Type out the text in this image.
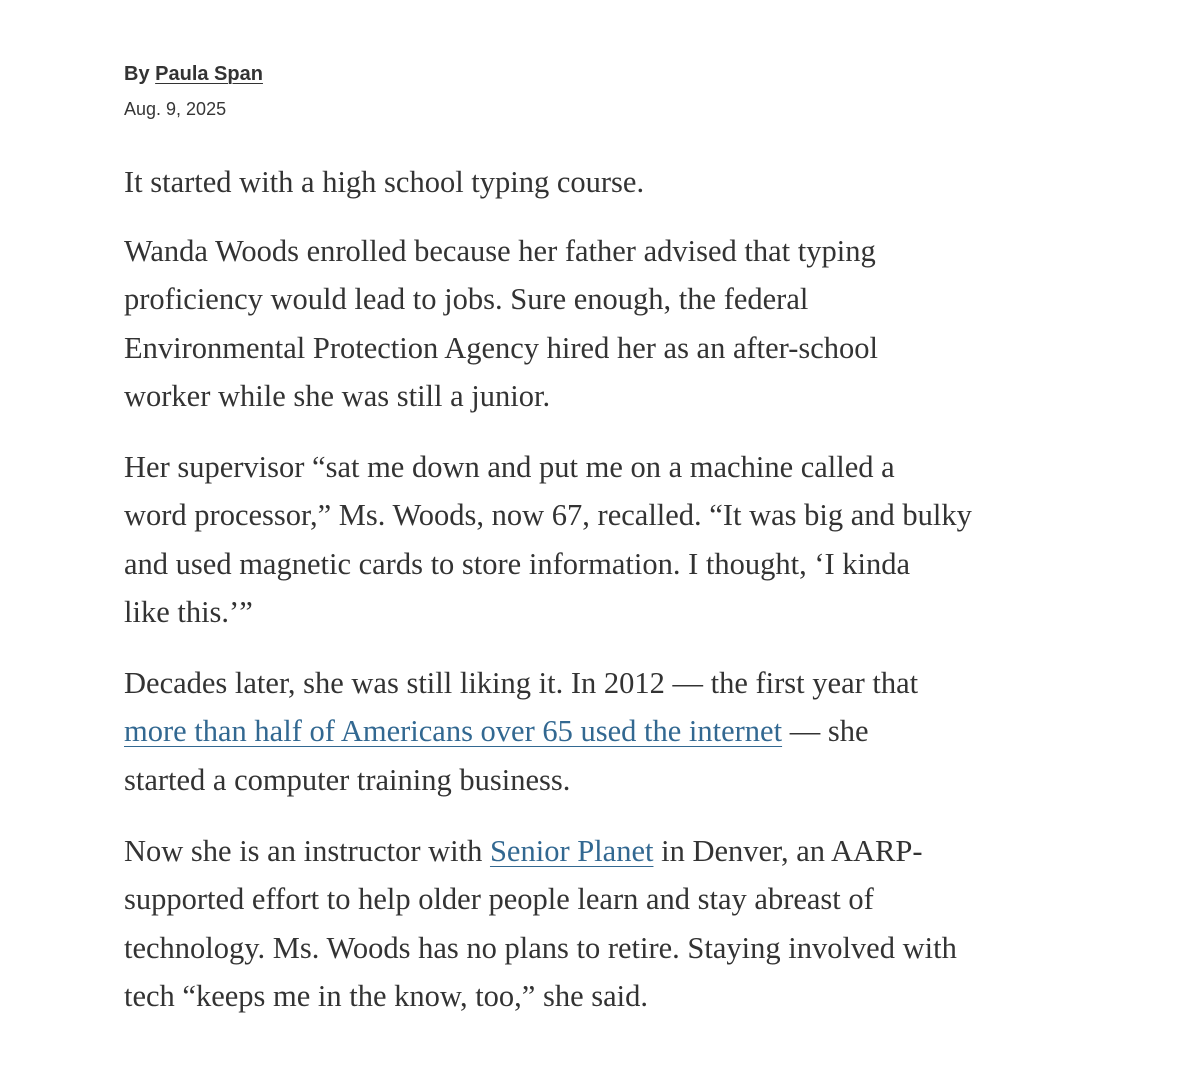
By Paula Span
Aug. 9, 2025

It started with a high school typing course.

Wanda Woods enrolled because her father advised that typing
proficiency would lead to jobs. Sure enough, the federal
Environmental Protection Agency hired her as an after-school
worker while she was still a junior.

Her supervisor “sat me down and put me on a machine called a
word processor,” Ms. Woods, now 67, recalled. “It was big and bulky
and used magnetic cards to store information. I thought, ‘I kinda
like this.’”

Decades later, she was still liking it. In 2012 — the first year that
more than half of Americans over 65 used the internet — she
started a computer training business.

Now she is an instructor with Senior Planet in Denver, an AARP-
supported effort to help older people learn and stay abreast of
technology. Ms. Woods has no plans to retire. Staying involved with
tech “keeps me in the know, too,” she said.
